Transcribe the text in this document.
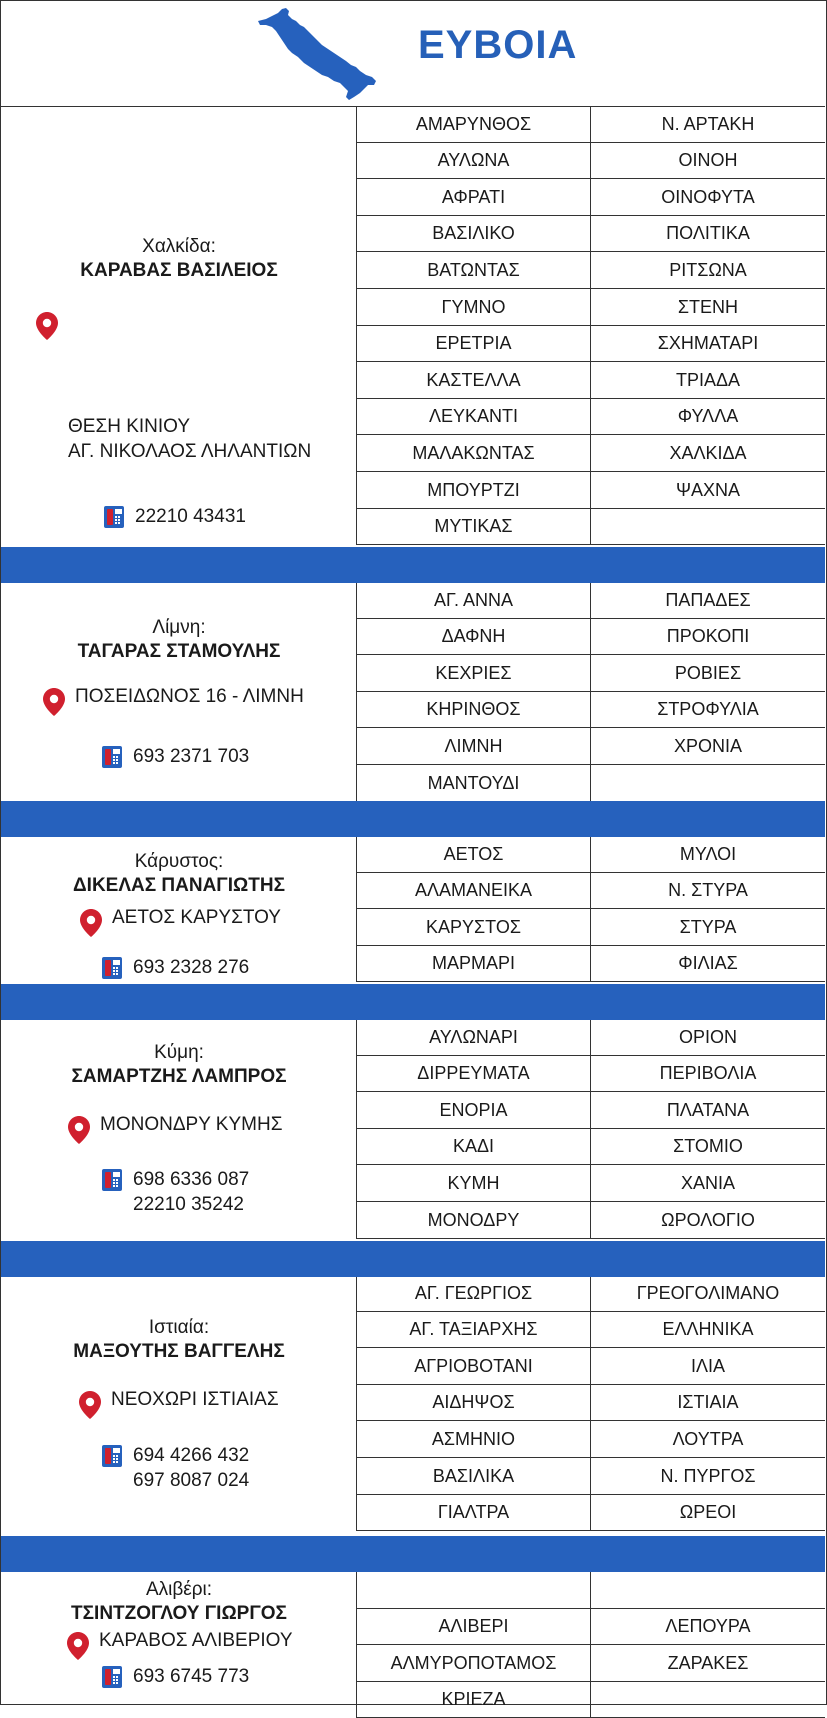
ΕΥΒΟΙΑ
Χαλκίδα:
ΚΑΡΑΒΑΣ ΒΑΣΙΛΕΙΟΣ
ΘΕΣΗ ΚΙΝΙΟΥ
ΑΓ. ΝΙΚΟΛΑΟΣ ΛΗΛΑΝΤΙΩΝ
22210 43431
ΑΜΑΡΥΝΘΟΣ	Ν. ΑΡΤΑΚΗ
ΑΥΛΩΝΑ	ΟΙΝΟΗ
ΑΦΡΑΤΙ	ΟΙΝΟΦΥΤΑ
ΒΑΣΙΛΙΚΟ	ΠΟΛΙΤΙΚΑ
ΒΑΤΩΝΤΑΣ	ΡΙΤΣΩΝΑ
ΓΥΜΝΟ	ΣΤΕΝΗ
ΕΡΕΤΡΙΑ	ΣΧΗΜΑΤΑΡΙ
ΚΑΣΤΕΛΛΑ	ΤΡΙΑΔΑ
ΛΕΥΚΑΝΤΙ	ΦΥΛΛΑ
ΜΑΛΑΚΩΝΤΑΣ	ΧΑΛΚΙΔΑ
ΜΠΟΥΡΤΖΙ	ΨΑΧΝΑ
ΜΥΤΙΚΑΣ
Λίμνη:
ΤΑΓΑΡΑΣ ΣΤΑΜΟΥΛΗΣ
ΠΟΣΕΙΔΩΝΟΣ 16 - ΛΙΜΝΗ
693 2371 703
ΑΓ. ΑΝΝΑ	ΠΑΠΑΔΕΣ
ΔΑΦΝΗ	ΠΡΟΚΟΠΙ
ΚΕΧΡΙΕΣ	ΡΟΒΙΕΣ
ΚΗΡΙΝΘΟΣ	ΣΤΡΟΦΥΛΙΑ
ΛΙΜΝΗ	ΧΡΟΝΙΑ
ΜΑΝΤΟΥΔΙ
Κάρυστος:
ΔΙΚΕΛΑΣ ΠΑΝΑΓΙΩΤΗΣ
ΑΕΤΟΣ ΚΑΡΥΣΤΟΥ
693 2328 276
ΑΕΤΟΣ	ΜΥΛΟΙ
ΑΛΑΜΑΝΕΙΚΑ	Ν. ΣΤΥΡΑ
ΚΑΡΥΣΤΟΣ	ΣΤΥΡΑ
ΜΑΡΜΑΡΙ	ΦΙΛΙΑΣ
Κύμη:
ΣΑΜΑΡΤΖΗΣ ΛΑΜΠΡΟΣ
ΜΟΝΟΝΔΡΥ ΚΥΜΗΣ
698 6336 087
22210 35242
ΑΥΛΩΝΑΡΙ	ΟΡΙΟΝ
ΔΙΡΡΕΥΜΑΤΑ	ΠΕΡΙΒΟΛΙΑ
ΕΝΟΡΙΑ	ΠΛΑΤΑΝΑ
ΚΑΔΙ	ΣΤΟΜΙΟ
ΚΥΜΗ	ΧΑΝΙΑ
ΜΟΝΟΔΡΥ	ΩΡΟΛΟΓΙΟ
Ιστιαία:
ΜΑΞΟΥΤΗΣ ΒΑΓΓΕΛΗΣ
ΝΕΟΧΩΡΙ ΙΣΤΙΑΙΑΣ
694 4266 432
697 8087 024
ΑΓ. ΓΕΩΡΓΙΟΣ	ΓΡΕΟΓΟΛΙΜΑΝΟ
ΑΓ. ΤΑΞΙΑΡΧΗΣ	ΕΛΛΗΝΙΚΑ
ΑΓΡΙΟΒΟΤΑΝΙ	ΙΛΙΑ
ΑΙΔΗΨΟΣ	ΙΣΤΙΑΙΑ
ΑΣΜΗΝΙΟ	ΛΟΥΤΡΑ
ΒΑΣΙΛΙΚΑ	Ν. ΠΥΡΓΟΣ
ΓΙΑΛΤΡΑ	ΩΡΕΟΙ
Αλιβέρι:
ΤΣΙΝΤΖΟΓΛΟΥ ΓΙΩΡΓΟΣ
ΚΑΡΑΒΟΣ ΑΛΙΒΕΡΙΟΥ
693 6745 773
ΑΛΙΒΕΡΙ	ΛΕΠΟΥΡΑ
ΑΛΜΥΡΟΠΟΤΑΜΟΣ	ΖΑΡΑΚΕΣ
ΚΡΙΕΖΑ
